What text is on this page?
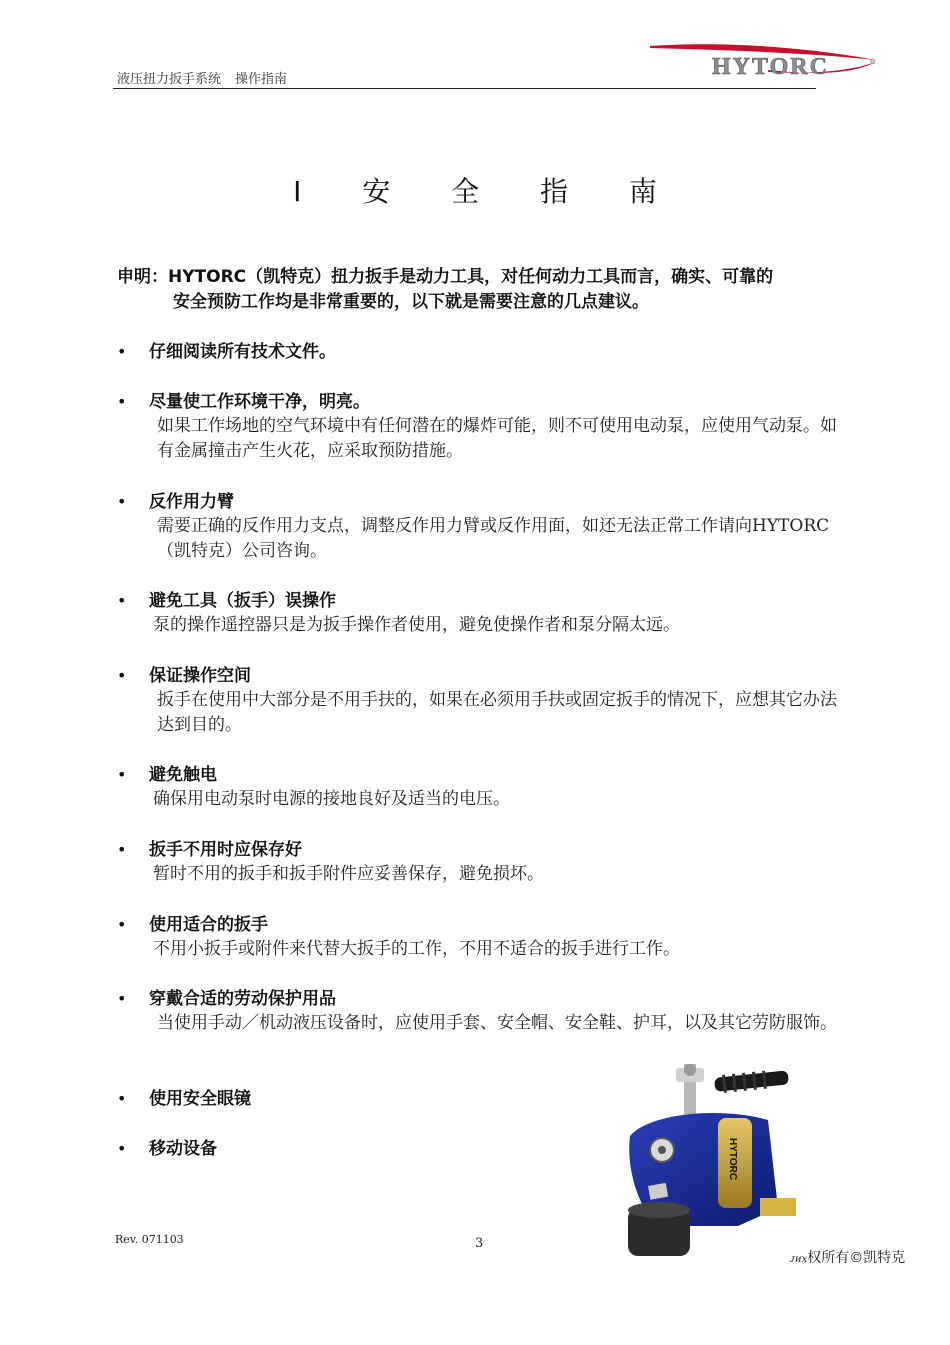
液压扭力扳手系统 操作指南	HYTORC	®
I 安 全 指 南
申明：HYTORC（凯特克）扭力扳手是动力工具，对任何动力工具而言，确实、可靠的
安全预防工作均是非常重要的，以下就是需要注意的几点建议。
• 仔细阅读所有技术文件。
• 尽量使工作环境干净，明亮。
如果工作场地的空气环境中有任何潜在的爆炸可能，则不可使用电动泵，应使用气动泵。如有金属撞击产生火花，应采取预防措施。
• 反作用力臂
需要正确的反作用力支点，调整反作用力臂或反作用面，如还无法正常工作请向HYTORC（凯特克）公司咨询。
• 避免工具（扳手）误操作
泵的操作遥控器只是为扳手操作者使用，避免使操作者和泵分隔太远。
• 保证操作空间
扳手在使用中大部分是不用手扶的，如果在必须用手扶或固定扳手的情况下，应想其它办法达到目的。
• 避免触电
确保用电动泵时电源的接地良好及适当的电压。
• 扳手不用时应保存好
暂时不用的扳手和扳手附件应妥善保存，避免损坏。
• 使用适合的扳手
不用小扳手或附件来代替大扳手的工作，不用不适合的扳手进行工作。
• 穿戴合适的劳动保护用品
当使用手动／机动液压设备时，应使用手套、安全帽、安全鞋、护耳，以及其它劳防服饰。
• 使用安全眼镜
• 移动设备	HYTORC
Rev. 071103	3
ᴊᴎx权所有©凯特克
